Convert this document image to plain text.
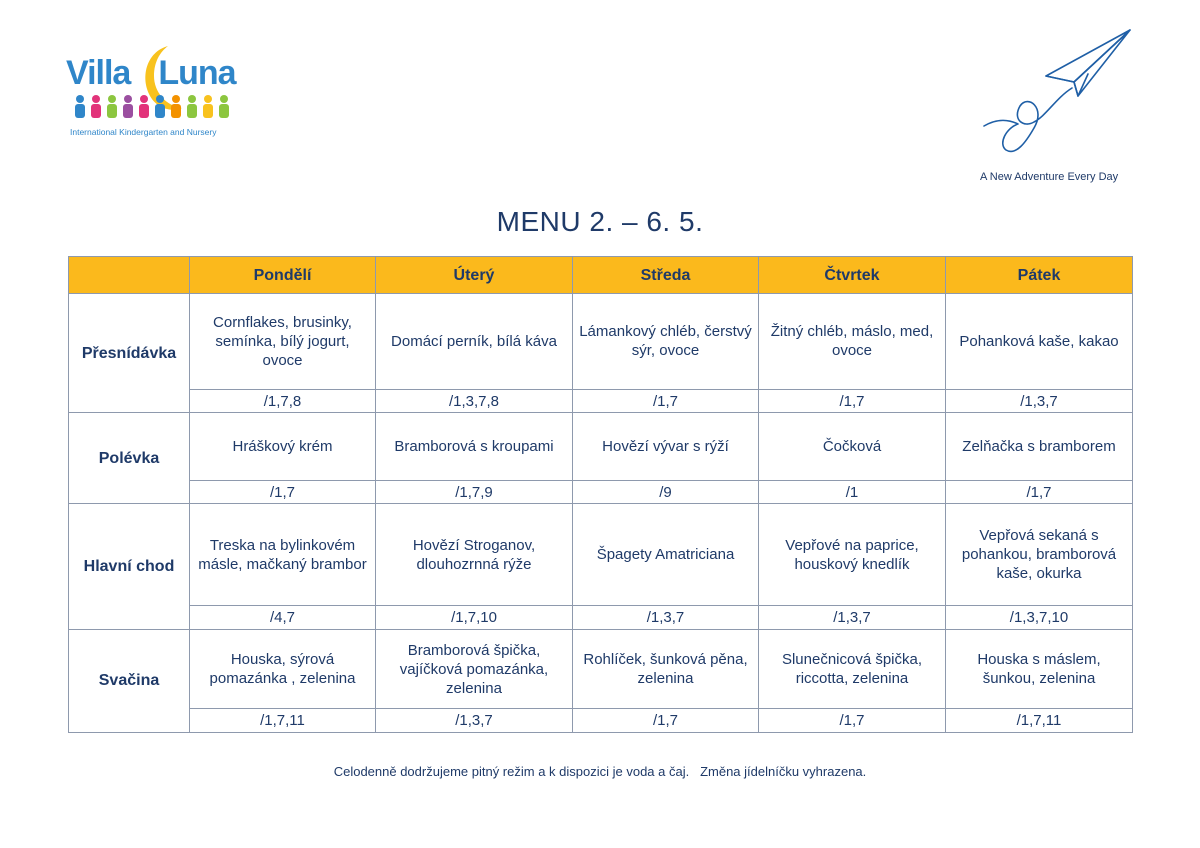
Villa Luna
International Kindergarten and Nursery
A New Adventure Every Day
MENU 2. – 6. 5.
	Pondělí	Úterý	Středa	Čtvrtek	Pátek
Přesnídávka	Cornflakes, brusinky, semínka, bílý jogurt, ovoce	Domácí perník, bílá káva	Lámankový chléb, čerstvý sýr, ovoce	Žitný chléb, máslo, med, ovoce	Pohanková kaše, kakao
	/1,7,8	/1,3,7,8	/1,7	/1,7	/1,3,7
Polévka	Hráškový krém	Bramborová s kroupami	Hovězí vývar s rýží	Čočková	Zelňačka s bramborem
	/1,7	/1,7,9	/9	/1	/1,7
Hlavní chod	Treska na bylinkovém másle, mačkaný brambor	Hovězí Stroganov, dlouhozrnná rýže	Špagety Amatriciana	Vepřové na paprice, houskový knedlík	Vepřová sekaná s pohankou, bramborová kaše, okurka
	/4,7	/1,7,10	/1,3,7	/1,3,7	/1,3,7,10
Svačina	Houska, sýrová pomazánka , zelenina	Bramborová špička, vajíčková pomazánka, zelenina	Rohlíček, šunková pěna, zelenina	Slunečnicová špička, riccotta, zelenina	Houska s máslem, šunkou, zelenina
	/1,7,11	/1,3,7	/1,7	/1,7	/1,7,11
Celodenně dodržujeme pitný režim a k dispozici je voda a čaj. Změna jídelníčku vyhrazena.
